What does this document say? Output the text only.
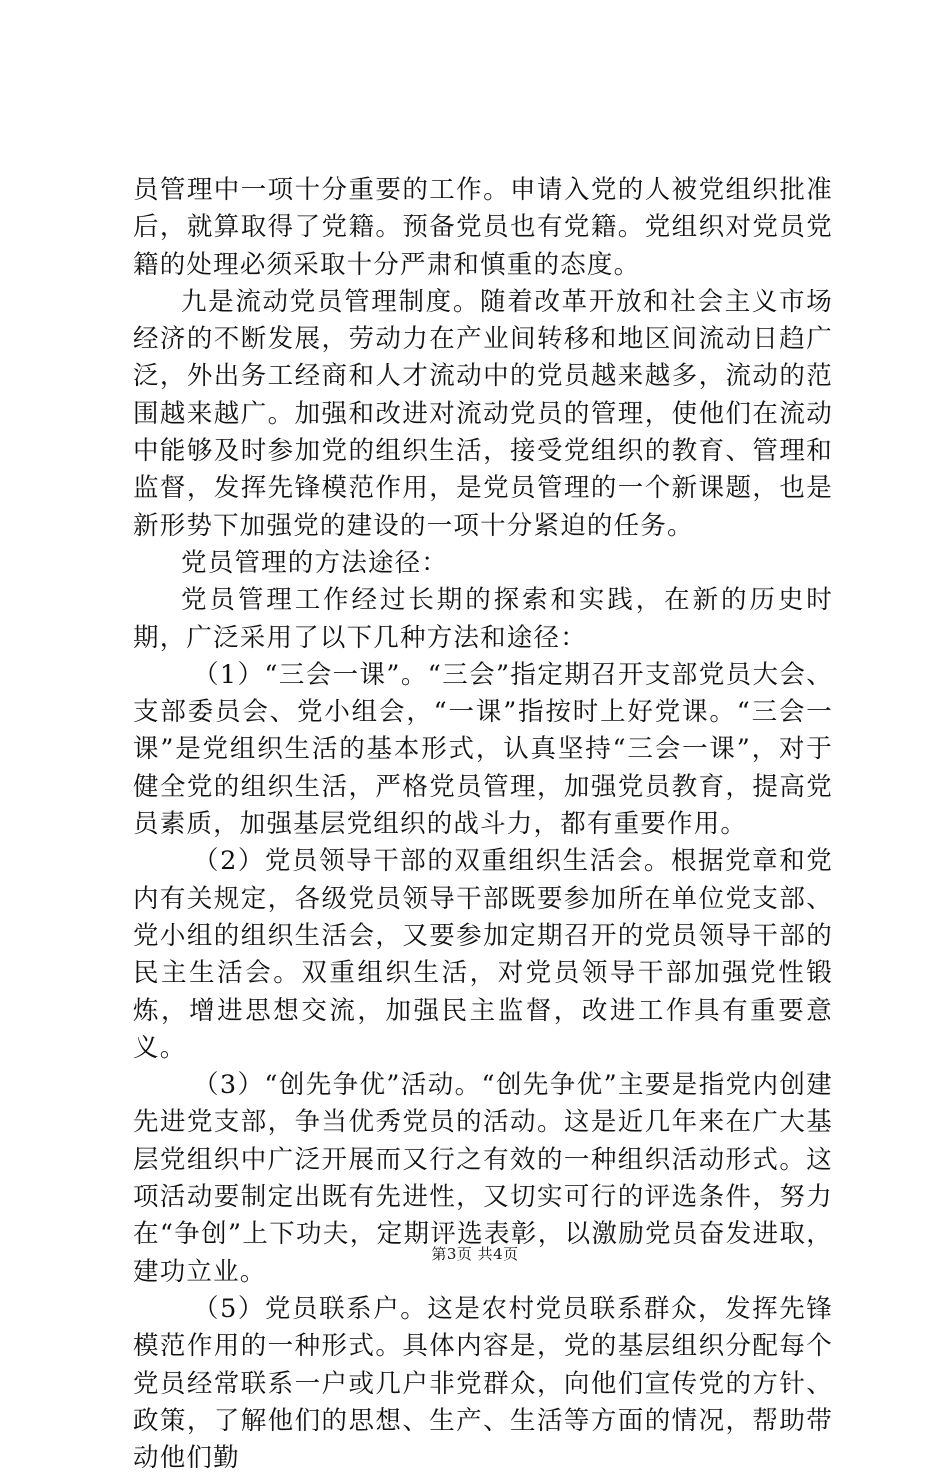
员管理中一项十分重要的工作。申请入党的人被党组织批准后，就算取得了党籍。预备党员也有党籍。党组织对党员党籍的处理必须采取十分严肃和慎重的态度。

九是流动党员管理制度。随着改革开放和社会主义市场经济的不断发展，劳动力在产业间转移和地区间流动日趋广泛，外出务工经商和人才流动中的党员越来越多，流动的范围越来越广。加强和改进对流动党员的管理，使他们在流动中能够及时参加党的组织生活，接受党组织的教育、管理和监督，发挥先锋模范作用，是党员管理的一个新课题，也是新形势下加强党的建设的一项十分紧迫的任务。

党员管理的方法途径：

党员管理工作经过长期的探索和实践，在新的历史时期，广泛采用了以下几种方法和途径：

（1）“三会一课”。“三会”指定期召开支部党员大会、支部委员会、党小组会，“一课”指按时上好党课。“三会一课”是党组织生活的基本形式，认真坚持“三会一课”，对于健全党的组织生活，严格党员管理，加强党员教育，提高党员素质，加强基层党组织的战斗力，都有重要作用。

（2）党员领导干部的双重组织生活会。根据党章和党内有关规定，各级党员领导干部既要参加所在单位党支部、党小组的组织生活会，又要参加定期召开的党员领导干部的民主生活会。双重组织生活，对党员领导干部加强党性锻炼，增进思想交流，加强民主监督，改进工作具有重要意义。

（3）“创先争优”活动。“创先争优”主要是指党内创建先进党支部，争当优秀党员的活动。这是近几年来在广大基层党组织中广泛开展而又行之有效的一种组织活动形式。这项活动要制定出既有先进性，又切实可行的评选条件，努力在“争创”上下功夫，定期评选表彰，以激励党员奋发进取，建功立业。

（5）党员联系户。这是农村党员联系群众，发挥先锋模范作用的一种形式。具体内容是，党的基层组织分配每个党员经常联系一户或几户非党群众，向他们宣传党的方针、政策，了解他们的思想、生产、生活等方面的情况，帮助带动他们勤

第3页 共4页
